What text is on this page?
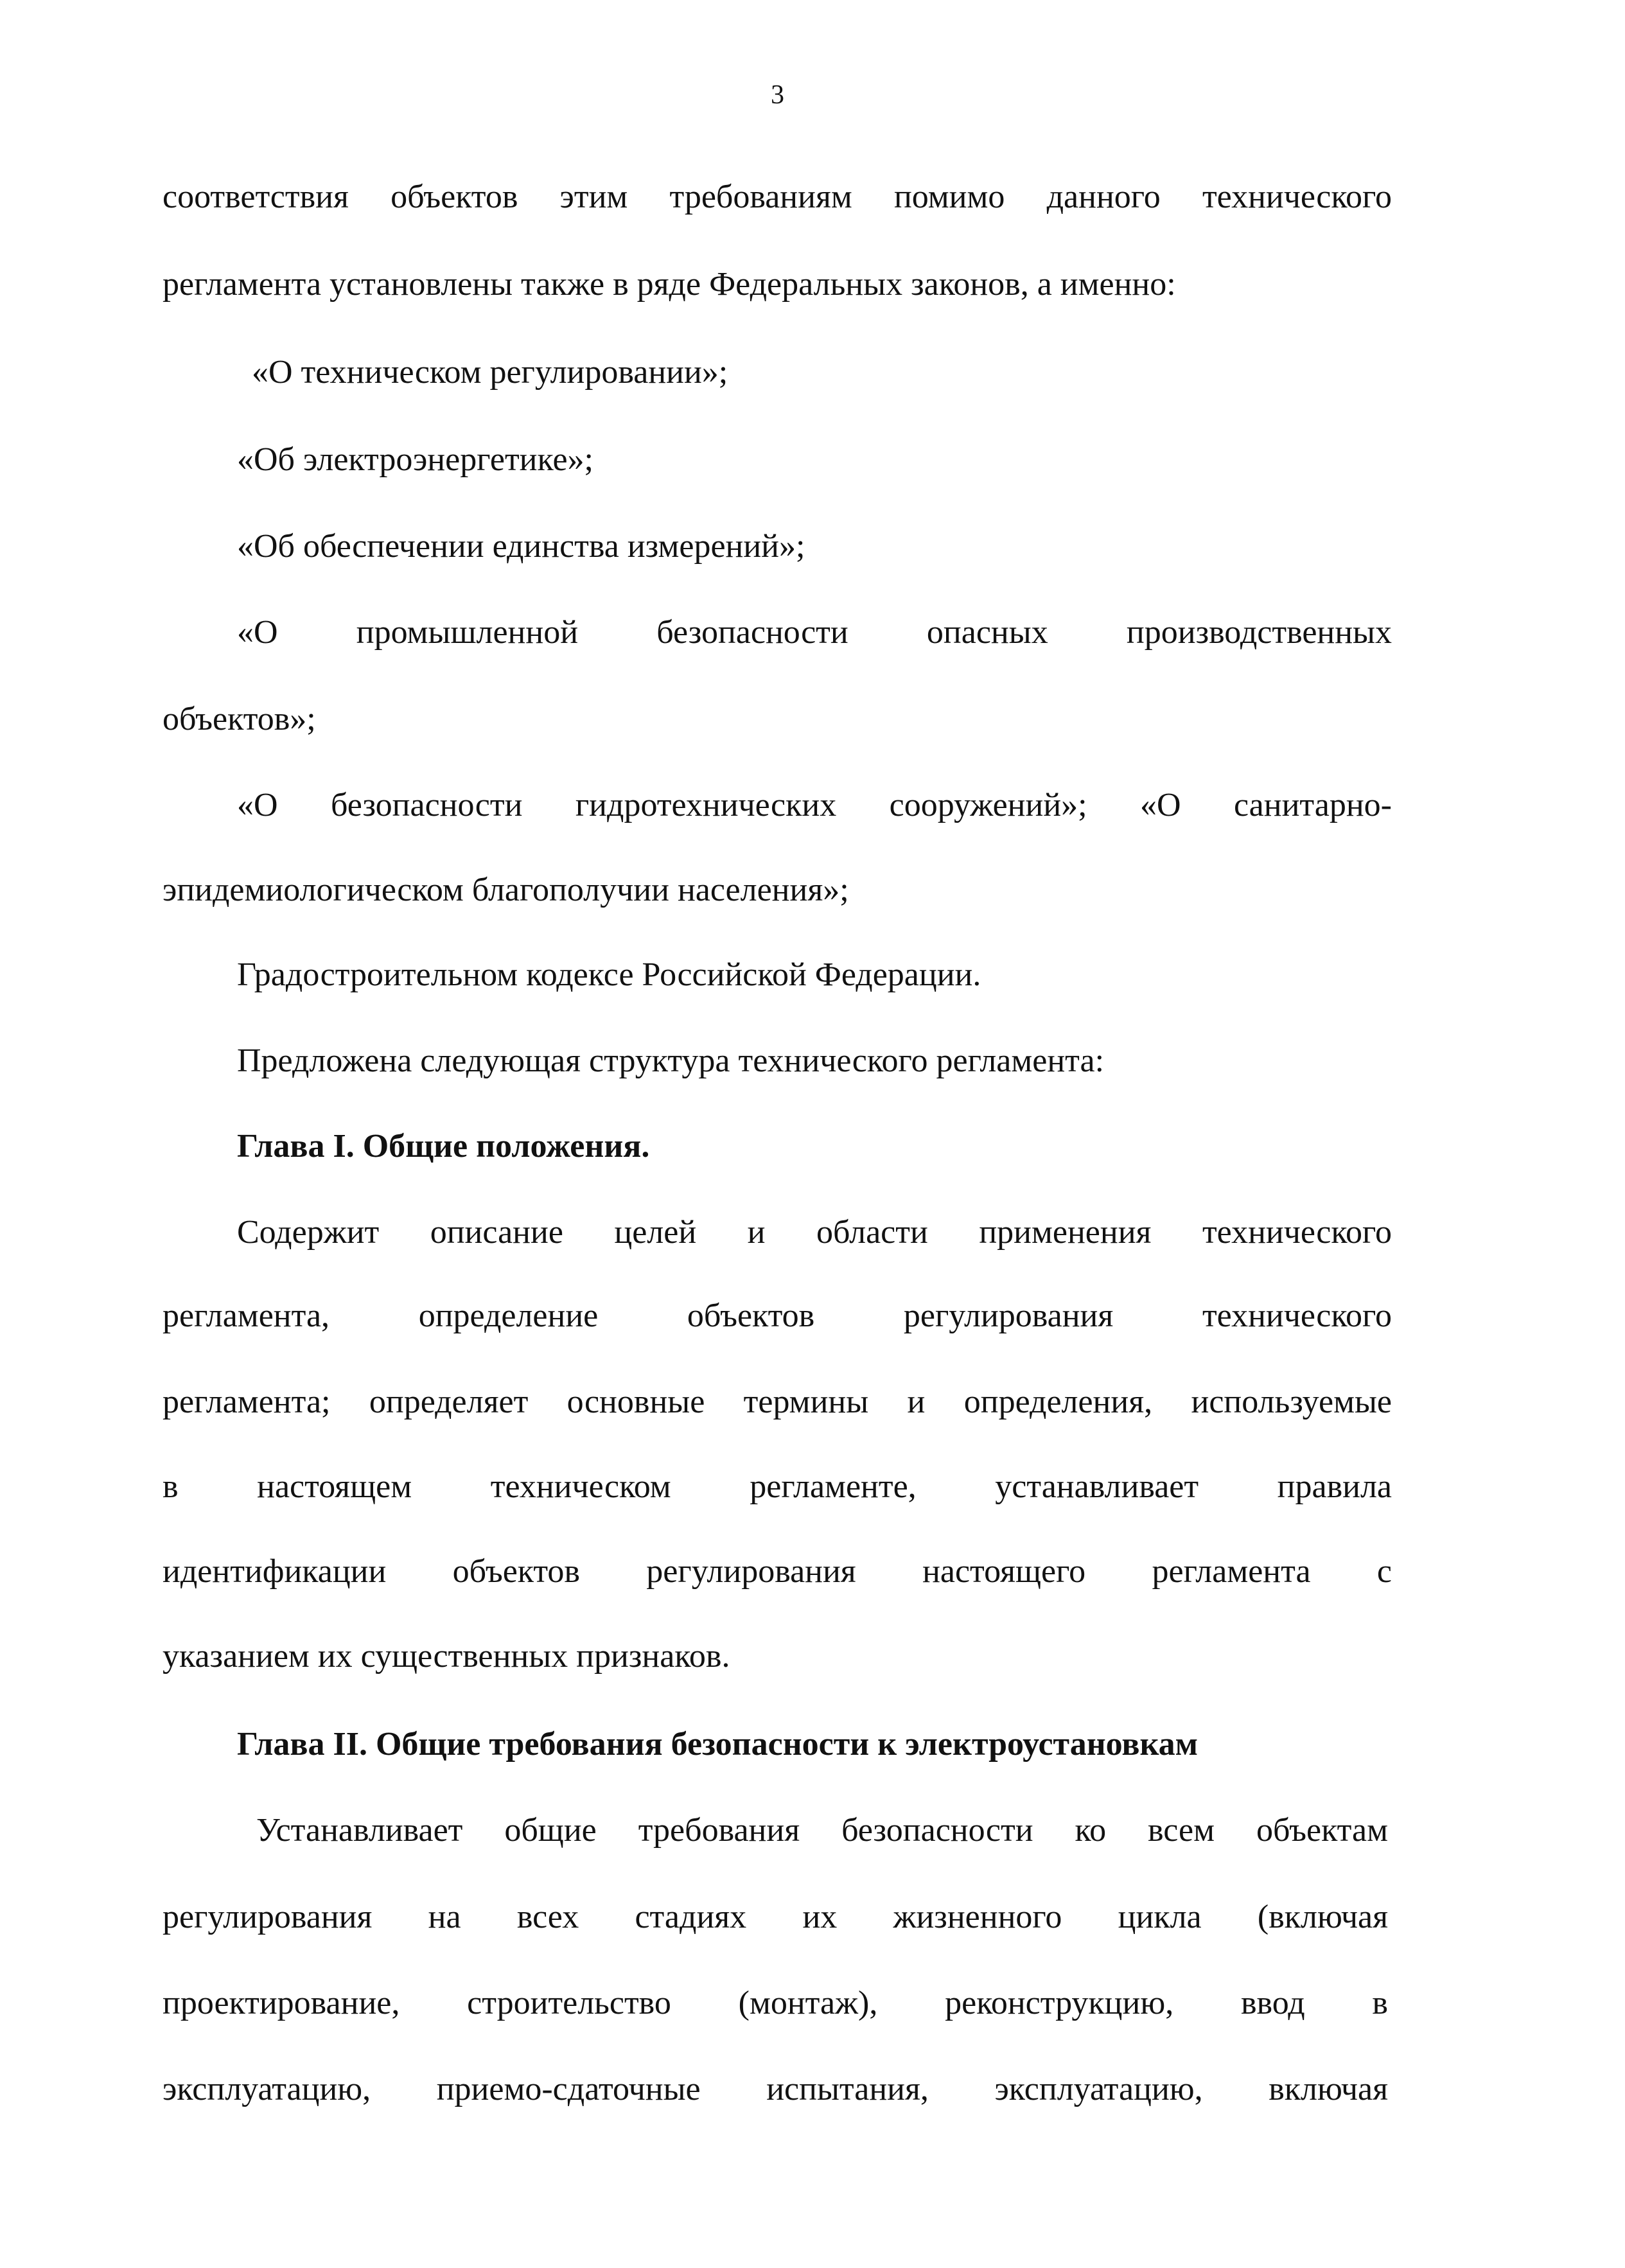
3
соответствия объектов этим требованиям помимо данного технического
регламента установлены также в ряде Федеральных законов, а именно:
«О техническом регулировании»;
«Об электроэнергетике»;
«Об обеспечении единства измерений»;
«О промышленной безопасности опасных производственных
объектов»;
«О безопасности гидротехнических сооружений»; «О санитарно-
эпидемиологическом благополучии населения»;
Градостроительном кодексе Российской Федерации.
Предложена следующая структура технического регламента:
Глава I. Общие положения.
Содержит описание целей и области применения технического
регламента, определение объектов регулирования технического
регламента; определяет основные термины и определения, используемые
в настоящем техническом регламенте, устанавливает правила
идентификации объектов регулирования настоящего регламента с
указанием их существенных признаков.
Глава II. Общие требования безопасности к электроустановкам
Устанавливает общие требования безопасности ко всем объектам
регулирования на всех стадиях их жизненного цикла (включая
проектирование, строительство (монтаж), реконструкцию, ввод в
эксплуатацию, приемо-сдаточные испытания, эксплуатацию, включая
